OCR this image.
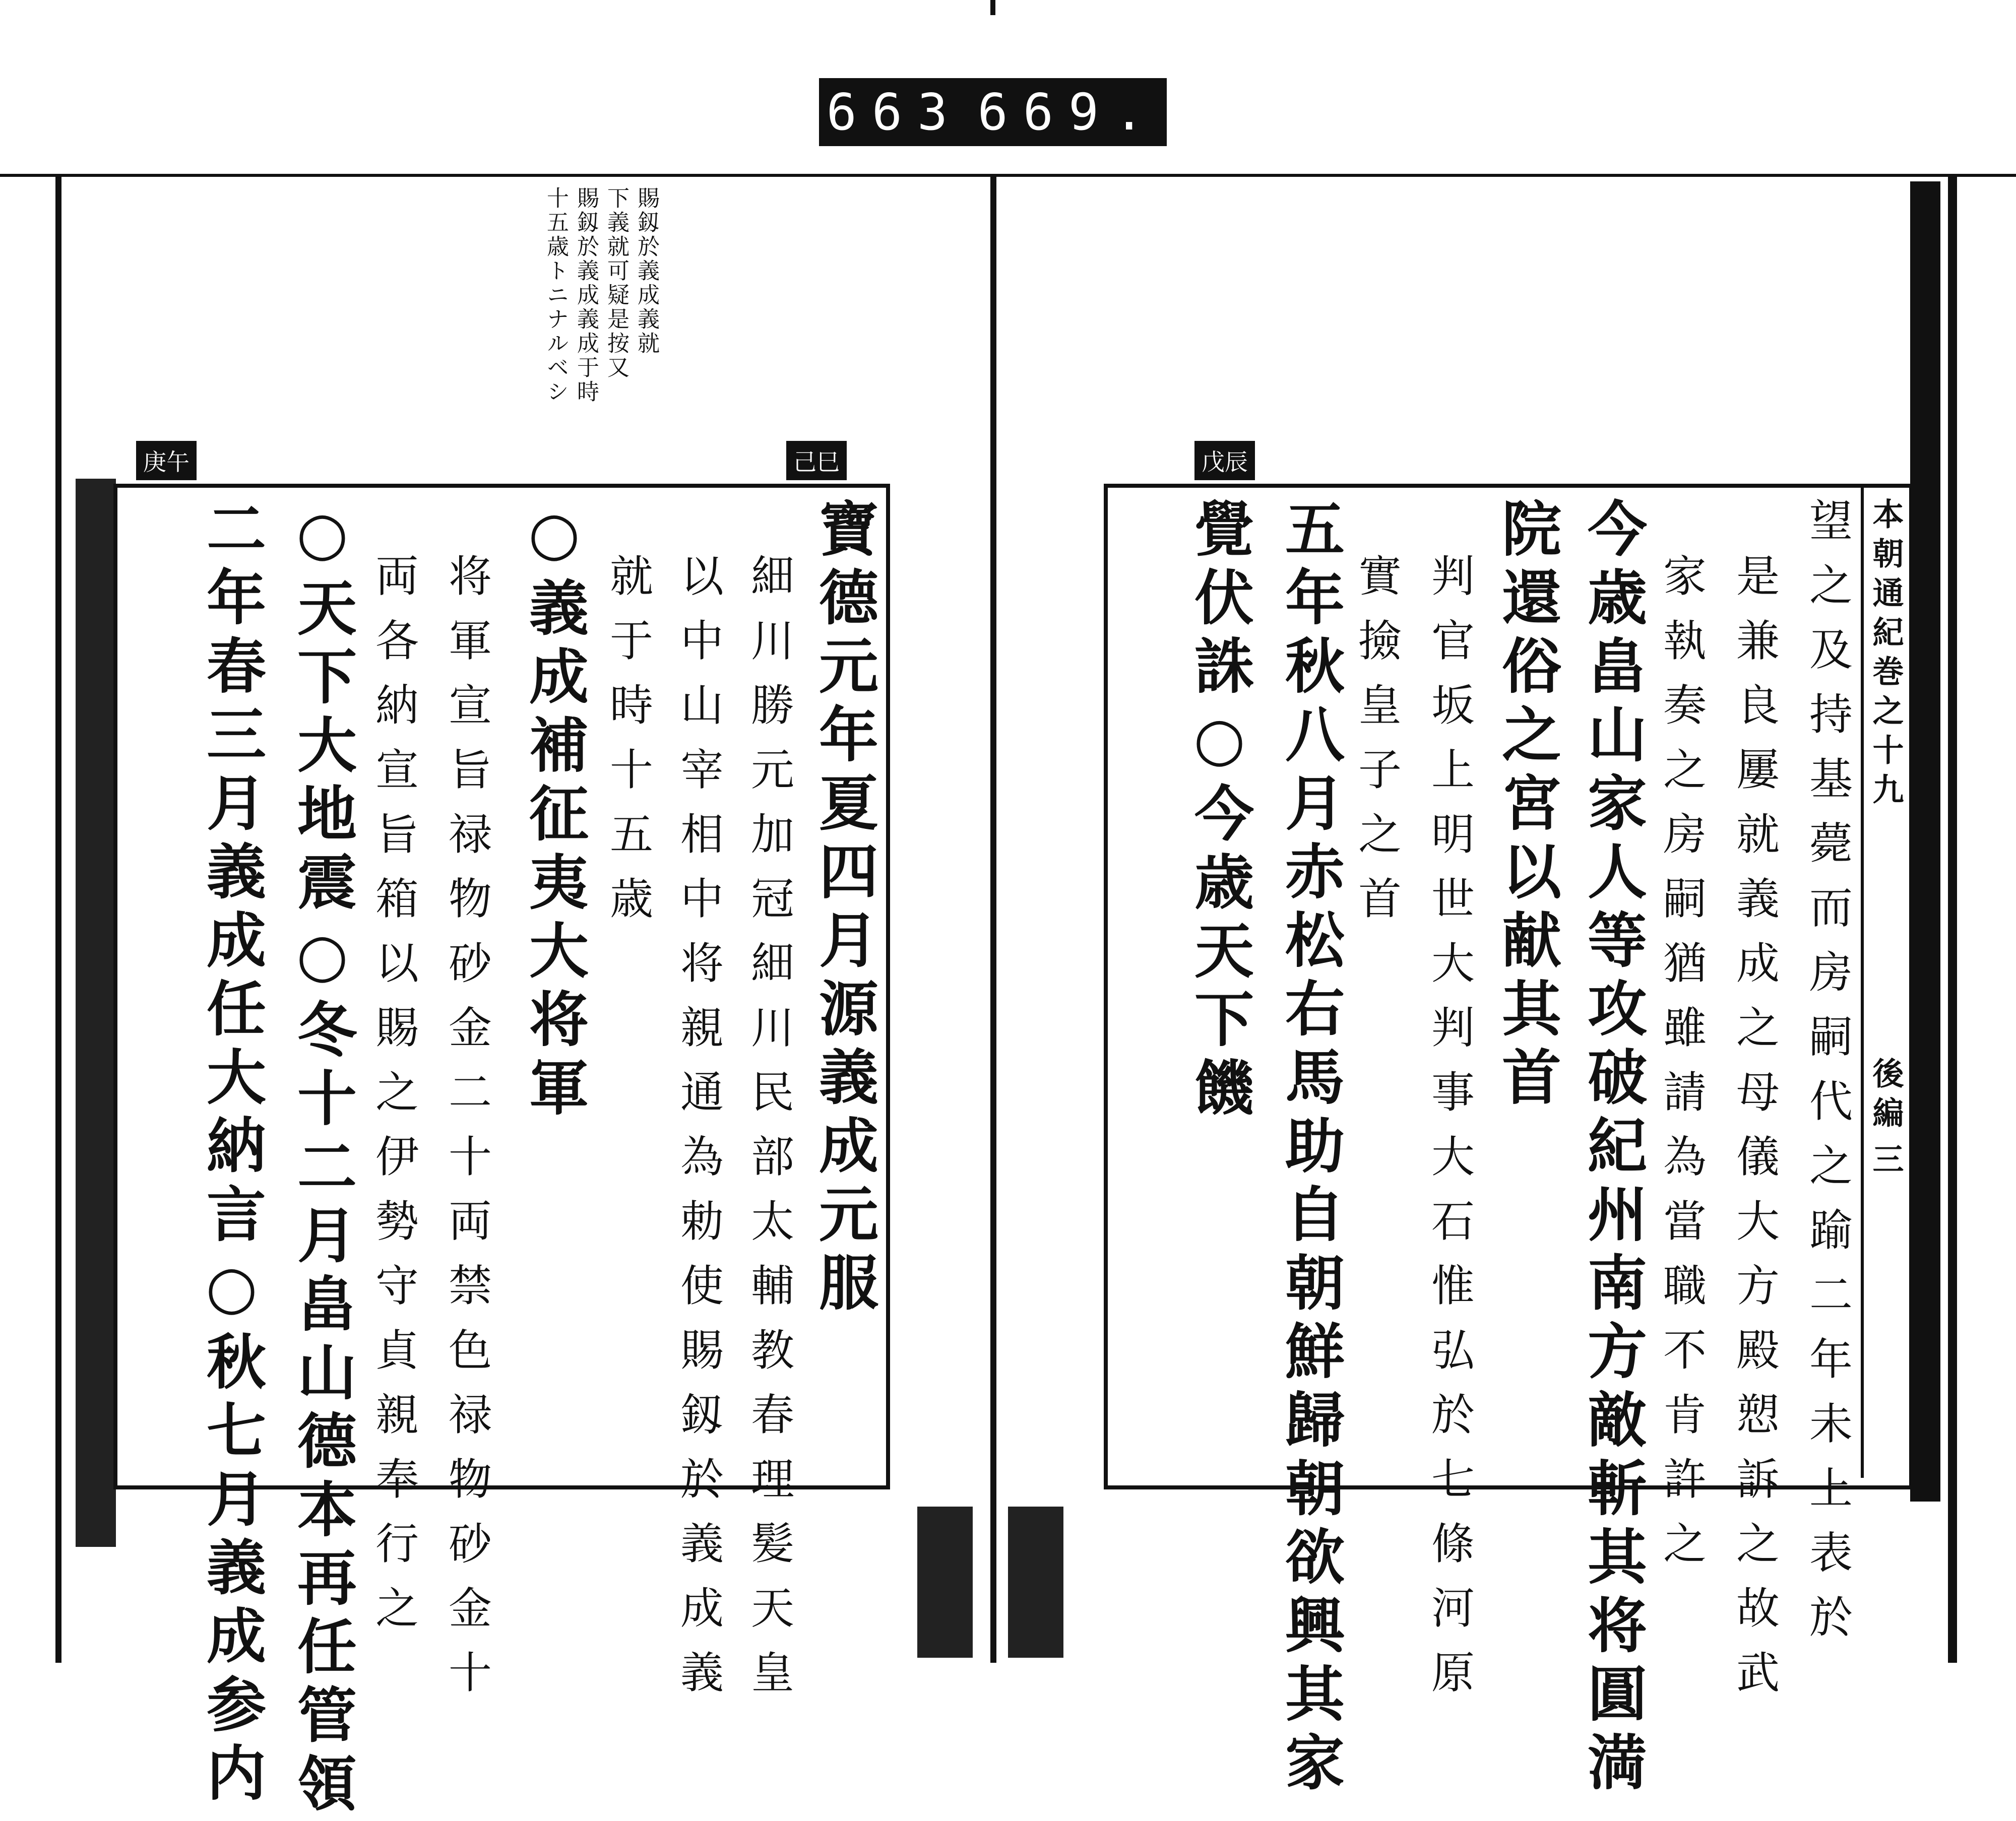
663 669.
十五歳トニナルベシ 賜釼於義成義成于時 下義就可疑是按又 賜釼於義成義就
庚午	己巳
寶德元年夏四月源義成元服
細川勝元加冠細川民部太輔教春理髪天皇
以中山宰相中将親通為勅使賜釼於義成義
就于時十五歳
○義成補征夷大将軍
将軍宣旨禄物砂金二十両禁色禄物砂金十
両各納宣旨箱以賜之伊勢守貞親奉行之
○天下大地震○冬十二月畠山德本再任管領
二年春三月義成任大納言○秋七月義成参内
戊辰
望之及持基薨而房嗣代之踰二年未上表於
是兼良屢就義成之母儀大方殿愬訴之故武
家執奏之房嗣猶雖請為當職不肯許之
今歳畠山家人等攻破紀州南方敵斬其将圓満
院還俗之宮以献其首
判官坂上明世大判事大石惟弘於七條河原
實撿皇子之首
五年秋八月赤松右馬助自朝鮮歸朝欲興其家
覺伏誅○今歳天下饑	本朝通紀巻之十九
後編
三
